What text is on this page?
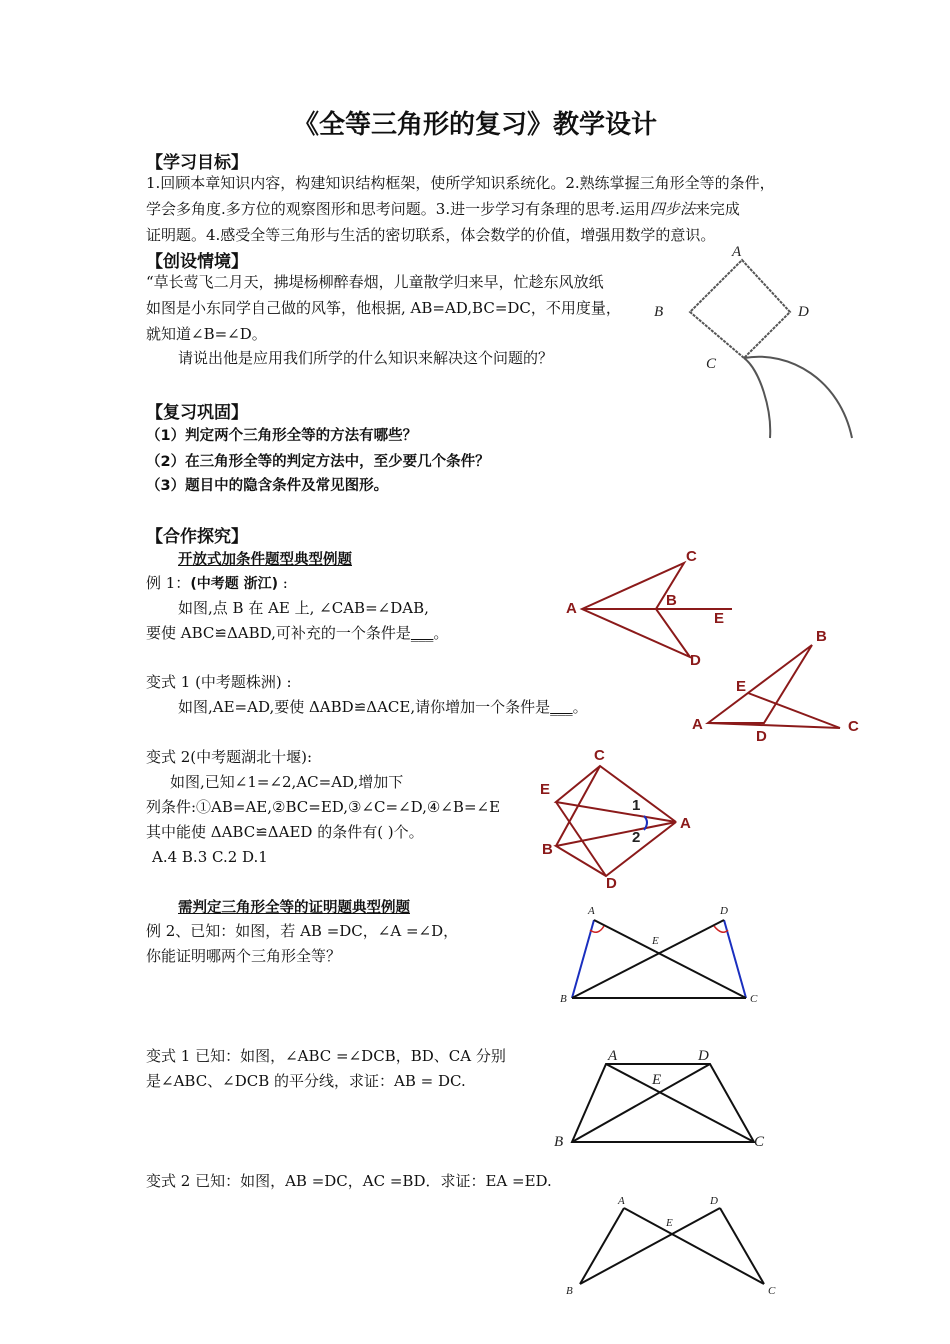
《全等三角形的复习》教学设计
【学习目标】
1.回顾本章知识内容，构建知识结构框架，使所学知识系统化。2.熟练掌握三角形全等的条件，
学会多角度.多方位的观察图形和思考问题。3.进一步学习有条理的思考.运用四步法来完成
证明题。4.感受全等三角形与生活的密切联系，体会数学的价值，增强用数学的意识。
【创设情境】
“草长莺飞二月天，拂堤杨柳醉春烟，儿童散学归来早，忙趁东风放纸
如图是小东同学自己做的风筝，他根据, AB=AD,BC=DC，不用度量，
就知道∠B=∠D。
请说出他是应用我们所学的什么知识来解决这个问题的？
A
B
C
D
【复习巩固】
（1）判定两个三角形全等的方法有哪些？
（2）在三角形全等的判定方法中，至少要几个条件？
（3）题目中的隐含条件及常见图形。
【合作探究】
开放式加条件题型典型例题
例 1：(中考题 浙江) :
如图,点 B 在 AE 上, ∠CAB=∠DAB,
要使 ABC≌ΔABD,可补充的一个条件是___。
A	B
C
D
E
变式 1 (中考题株洲) :
如图,AE=AD,要使 ΔABD≌ΔACE,请你增加一个条件是___。
A
B
C
D
E
变式 2(中考题湖北十堰):
如图,已知∠1=∠2,AC=AD,增加下
列条件:①AB=AE,②BC=ED,③∠C=∠D,④∠B=∠E
其中能使 ΔABC≌ΔAED 的条件有( )个。
A.4 B.3 C.2 D.1
C
A
E
B
D
1
2
需判定三角形全等的证明题典型例题
例 2、已知：如图，若 AB =DC，∠A =∠D，
你能证明哪两个三角形全等？
A
B	C
D
E
变式 1 已知：如图，∠ABC =∠DCB，BD、CA 分别
是∠ABC、∠DCB 的平分线，求证：AB = DC.
A
B	C
D
E
变式 2 已知：如图，AB =DC，AC =BD．求证：EA =ED.
A
B	C
D
E
